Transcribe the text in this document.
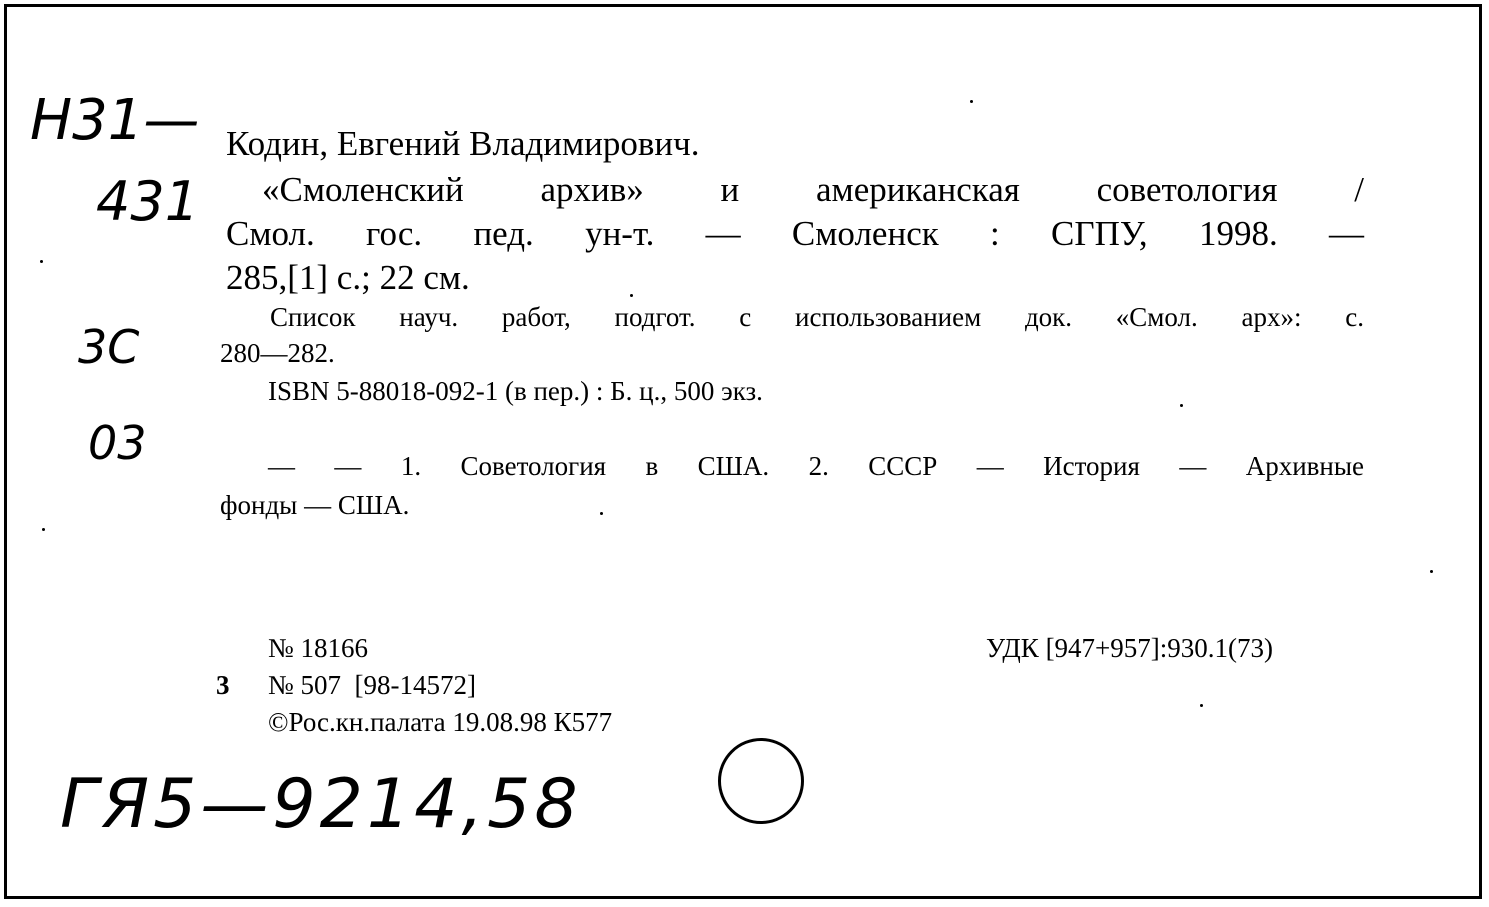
Н31—
431
3С
03
ГЯ5—9214,58
Кодин, Евгений Владимирович.
«Смоленский архив» и американская советология /
Смол. гос. пед. ун-т. — Смоленск : СГПУ, 1998. —
285,[1] с.; 22 см.
Список науч. работ, подгот. с использованием док. «Смол. арх»: с.
280—282.
ISBN 5-88018-092-1 (в пер.) : Б. ц., 500 экз.
— — 1. Советология в США. 2. СССР — История — Архивные
фонды — США.
№ 18166	УДК [947+957]:930.1(73)
3 № 507  [98-14572]
©Рос.кн.палата 19.08.98 К577
